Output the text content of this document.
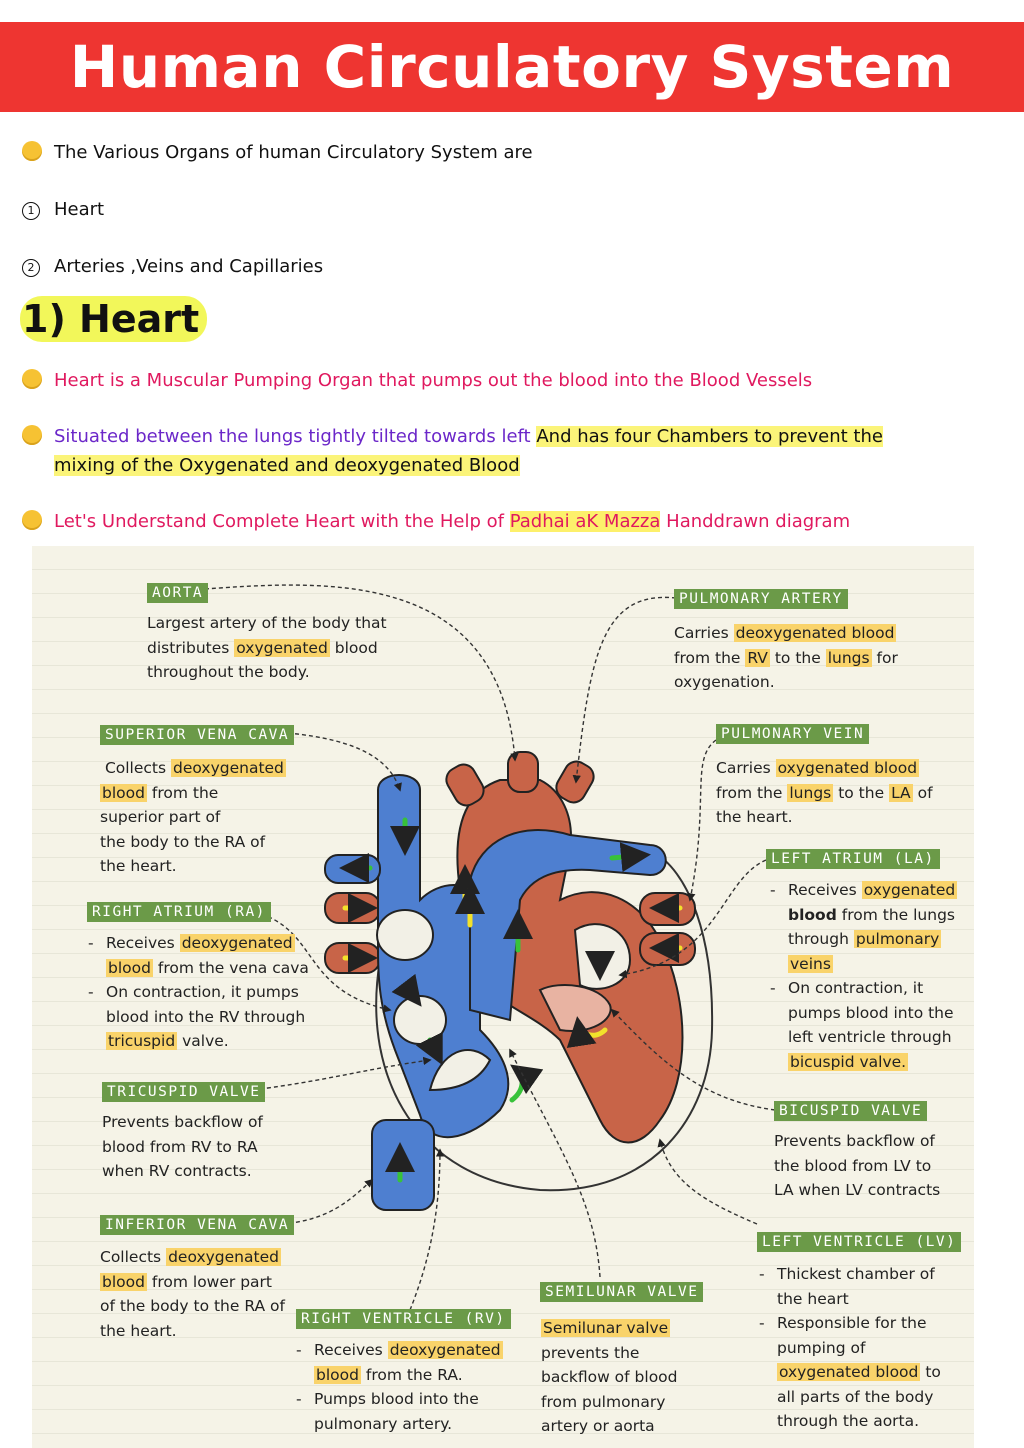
Human Circulatory System
The Various Organs of human Circulatory System are
1 Heart
2 Arteries ,Veins and Capillaries
1) Heart
Heart is a Muscular Pumping Organ that pumps out the blood into the Blood Vessels
Situated between the lungs tightly tilted towards left And has four Chambers to prevent the
mixing of the Oxygenated and deoxygenated Blood
Let's Understand Complete Heart with the Help of Padhai aK Mazza Handdrawn diagram
AORTA
Largest artery of the body that
distributes oxygenated blood
throughout the body.
PULMONARY ARTERY
Carries deoxygenated blood
from the RV to the lungs for
oxygenation.
SUPERIOR VENA CAVA
Collects deoxygenated
blood from the
superior part of
the body to the RA of
the heart.
PULMONARY VEIN
Carries oxygenated blood
from the lungs to the LA of
the heart.
RIGHT ATRIUM (RA)
- Receives deoxygenated
blood from the vena cava
- On contraction, it pumps
blood into the RV through
tricuspid valve.
LEFT ATRIUM (LA)
- Receives oxygenated
blood from the lungs
through pulmonary
veins
- On contraction, it
pumps blood into the
left ventricle through
bicuspid valve.
TRICUSPID VALVE
Prevents backflow of
blood from RV to RA
when RV contracts.
BICUSPID VALVE
Prevents backflow of
the blood from LV to
LA when LV contracts
INFERIOR VENA CAVA
Collects deoxygenated
blood from lower part
of the body to the RA of
the heart.
RIGHT VENTRICLE (RV)
- Receives deoxygenated
blood from the RA.
- Pumps blood into the
pulmonary artery.
SEMILUNAR VALVE
Semilunar valve
prevents the
backflow of blood
from pulmonary
artery or aorta
LEFT VENTRICLE (LV)
- Thickest chamber of
the heart
- Responsible for the
pumping of
oxygenated blood to
all parts of the body
through the aorta.
